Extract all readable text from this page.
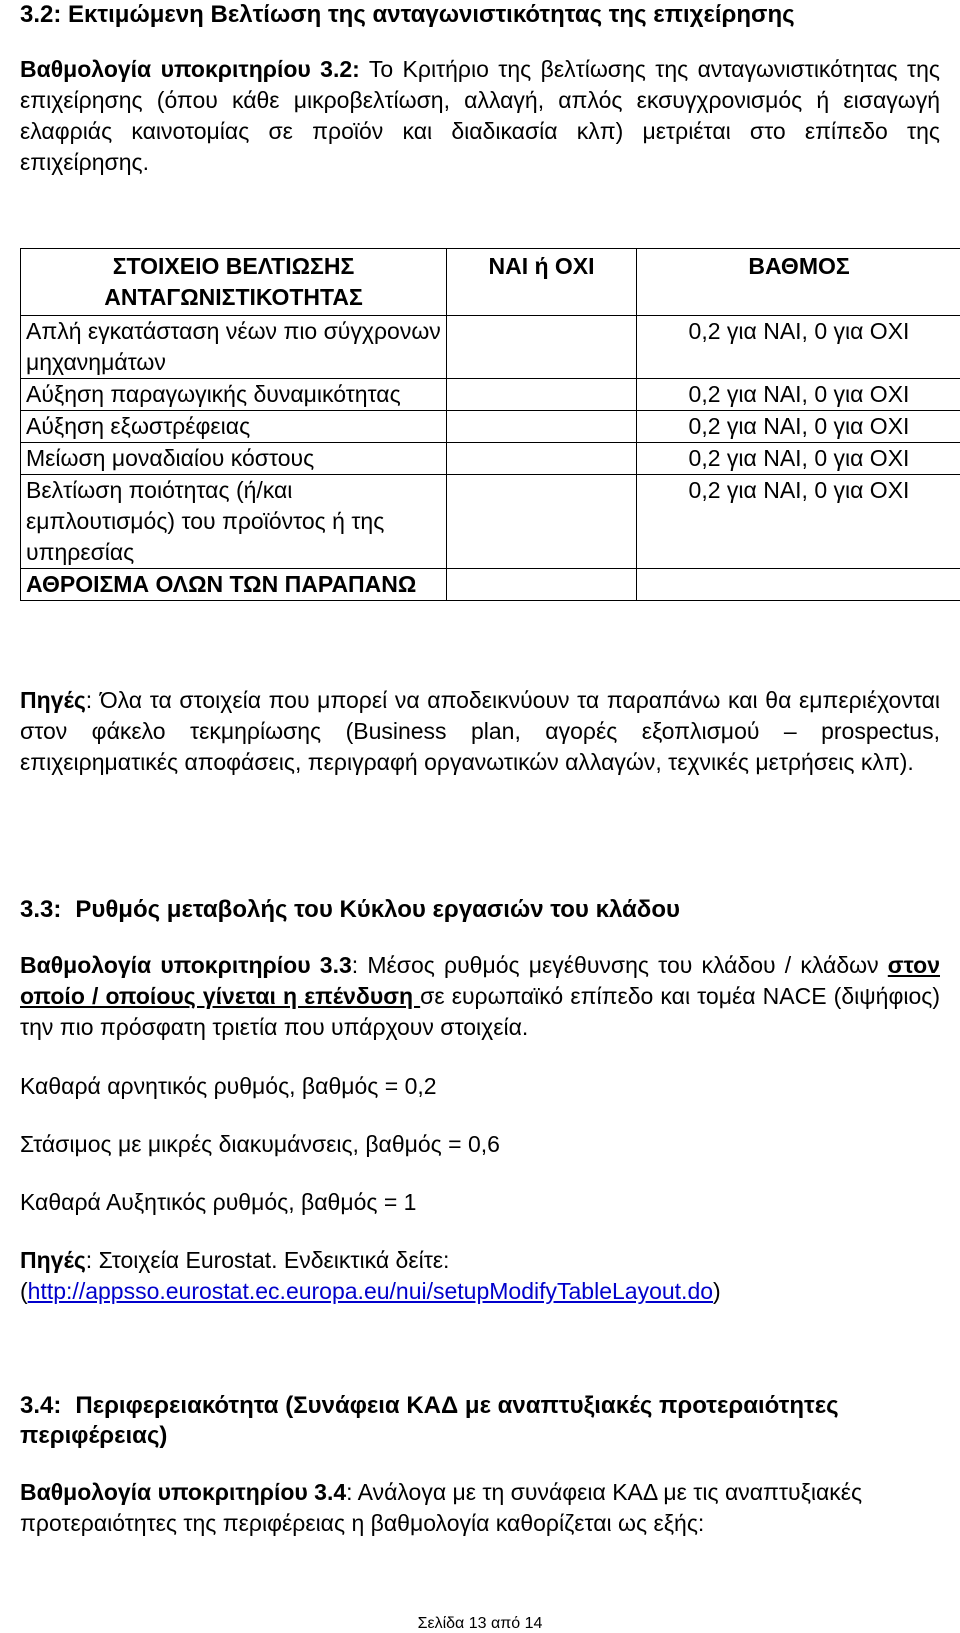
3.2: Εκτιμώμενη Βελτίωση της ανταγωνιστικότητας της επιχείρησης
Βαθμολογία υποκριτηρίου 3.2: Το Κριτήριο της βελτίωσης της ανταγωνιστικότητας της επιχείρησης (όπου κάθε μικροβελτίωση, αλλαγή, απλός εκσυγχρονισμός ή εισαγωγή ελαφριάς καινοτομίας σε προϊόν και διαδικασία κλπ) μετριέται στο επίπεδο της επιχείρησης.
ΣΤΟΙΧΕΙΟ ΒΕΛΤΙΩΣΗΣ ΑΝΤΑΓΩΝΙΣΤΙΚΟΤΗΤΑΣ	ΝΑΙ ή ΟΧΙ	ΒΑΘΜΟΣ
Απλή εγκατάσταση νέων πιο σύγχρονων μηχανημάτων		0,2 για ΝΑΙ, 0 για ΟΧΙ
Αύξηση παραγωγικής δυναμικότητας		0,2 για ΝΑΙ, 0 για ΟΧΙ
Αύξηση εξωστρέφειας		0,2 για ΝΑΙ, 0 για ΟΧΙ
Μείωση μοναδιαίου κόστους		0,2 για ΝΑΙ, 0 για ΟΧΙ
Βελτίωση ποιότητας (ή/και εμπλουτισμός) του προϊόντος ή της υπηρεσίας		0,2 για ΝΑΙ, 0 για ΟΧΙ
ΑΘΡΟΙΣΜΑ ΟΛΩΝ ΤΩΝ ΠΑΡΑΠΑΝΩ		
Πηγές: Όλα τα στοιχεία που μπορεί να αποδεικνύουν τα παραπάνω και θα εμπεριέχονται στον φάκελο τεκμηρίωσης (Business plan, αγορές εξοπλισμού – prospectus, επιχειρηματικές αποφάσεις, περιγραφή οργανωτικών αλλαγών, τεχνικές μετρήσεις κλπ).
3.3: Ρυθμός μεταβολής του Κύκλου εργασιών του κλάδου
Βαθμολογία υποκριτηρίου 3.3: Μέσος ρυθμός μεγέθυνσης του κλάδου / κλάδων στον οποίο / οποίους γίνεται η επένδυση σε ευρωπαϊκό επίπεδο και τομέα NACE (διψήφιος) την πιο πρόσφατη τριετία που υπάρχουν στοιχεία.
Καθαρά αρνητικός ρυθμός, βαθμός = 0,2
Στάσιμος με μικρές διακυμάνσεις, βαθμός = 0,6
Καθαρά Αυξητικός ρυθμός, βαθμός = 1
Πηγές: Στοιχεία Eurostat. Ενδεικτικά δείτε:
(http://appsso.eurostat.ec.europa.eu/nui/setupModifyTableLayout.do)
3.4: Περιφερειακότητα (Συνάφεια ΚΑΔ με αναπτυξιακές προτεραιότητες περιφέρειας)
Βαθμολογία υποκριτηρίου 3.4: Ανάλογα με τη συνάφεια ΚΑΔ με τις αναπτυξιακές προτεραιότητες της περιφέρειας η βαθμολογία καθορίζεται ως εξής:
Σελίδα 13 από 14
